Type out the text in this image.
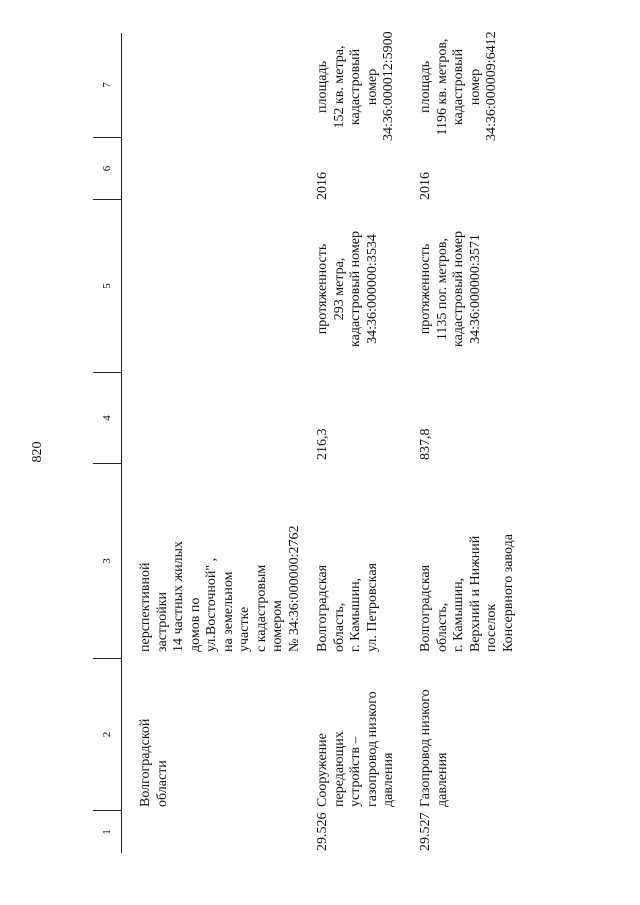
820
1
2
3
4
5
6
7
Волгоградской области
перспективной застройки 14 частных жилых домов по ул.Восточной" , на земельном участке с кадастровым номером № 34:36:000000:2762
29.526
Сооружение передающих устройств – газопровод низкого давления
Волгоградская область, г. Камышин, ул. Петровская
216,3
протяженность 293 метра, кадастровый номер 34:36:000000:3534
2016
площадь 152 кв. метра, кадастровый номер 34:36:000012:5900
29.527
Газопровод низкого давления
Волгоградская область, г. Камышин, Верхний и Нижний поселок Консервного завода
837,8
протяженность 1135 пог. метров, кадастровый номер 34:36:000000:3571
2016
площадь 1196 кв. метров, кадастровый номер 34:36:000009:6412
